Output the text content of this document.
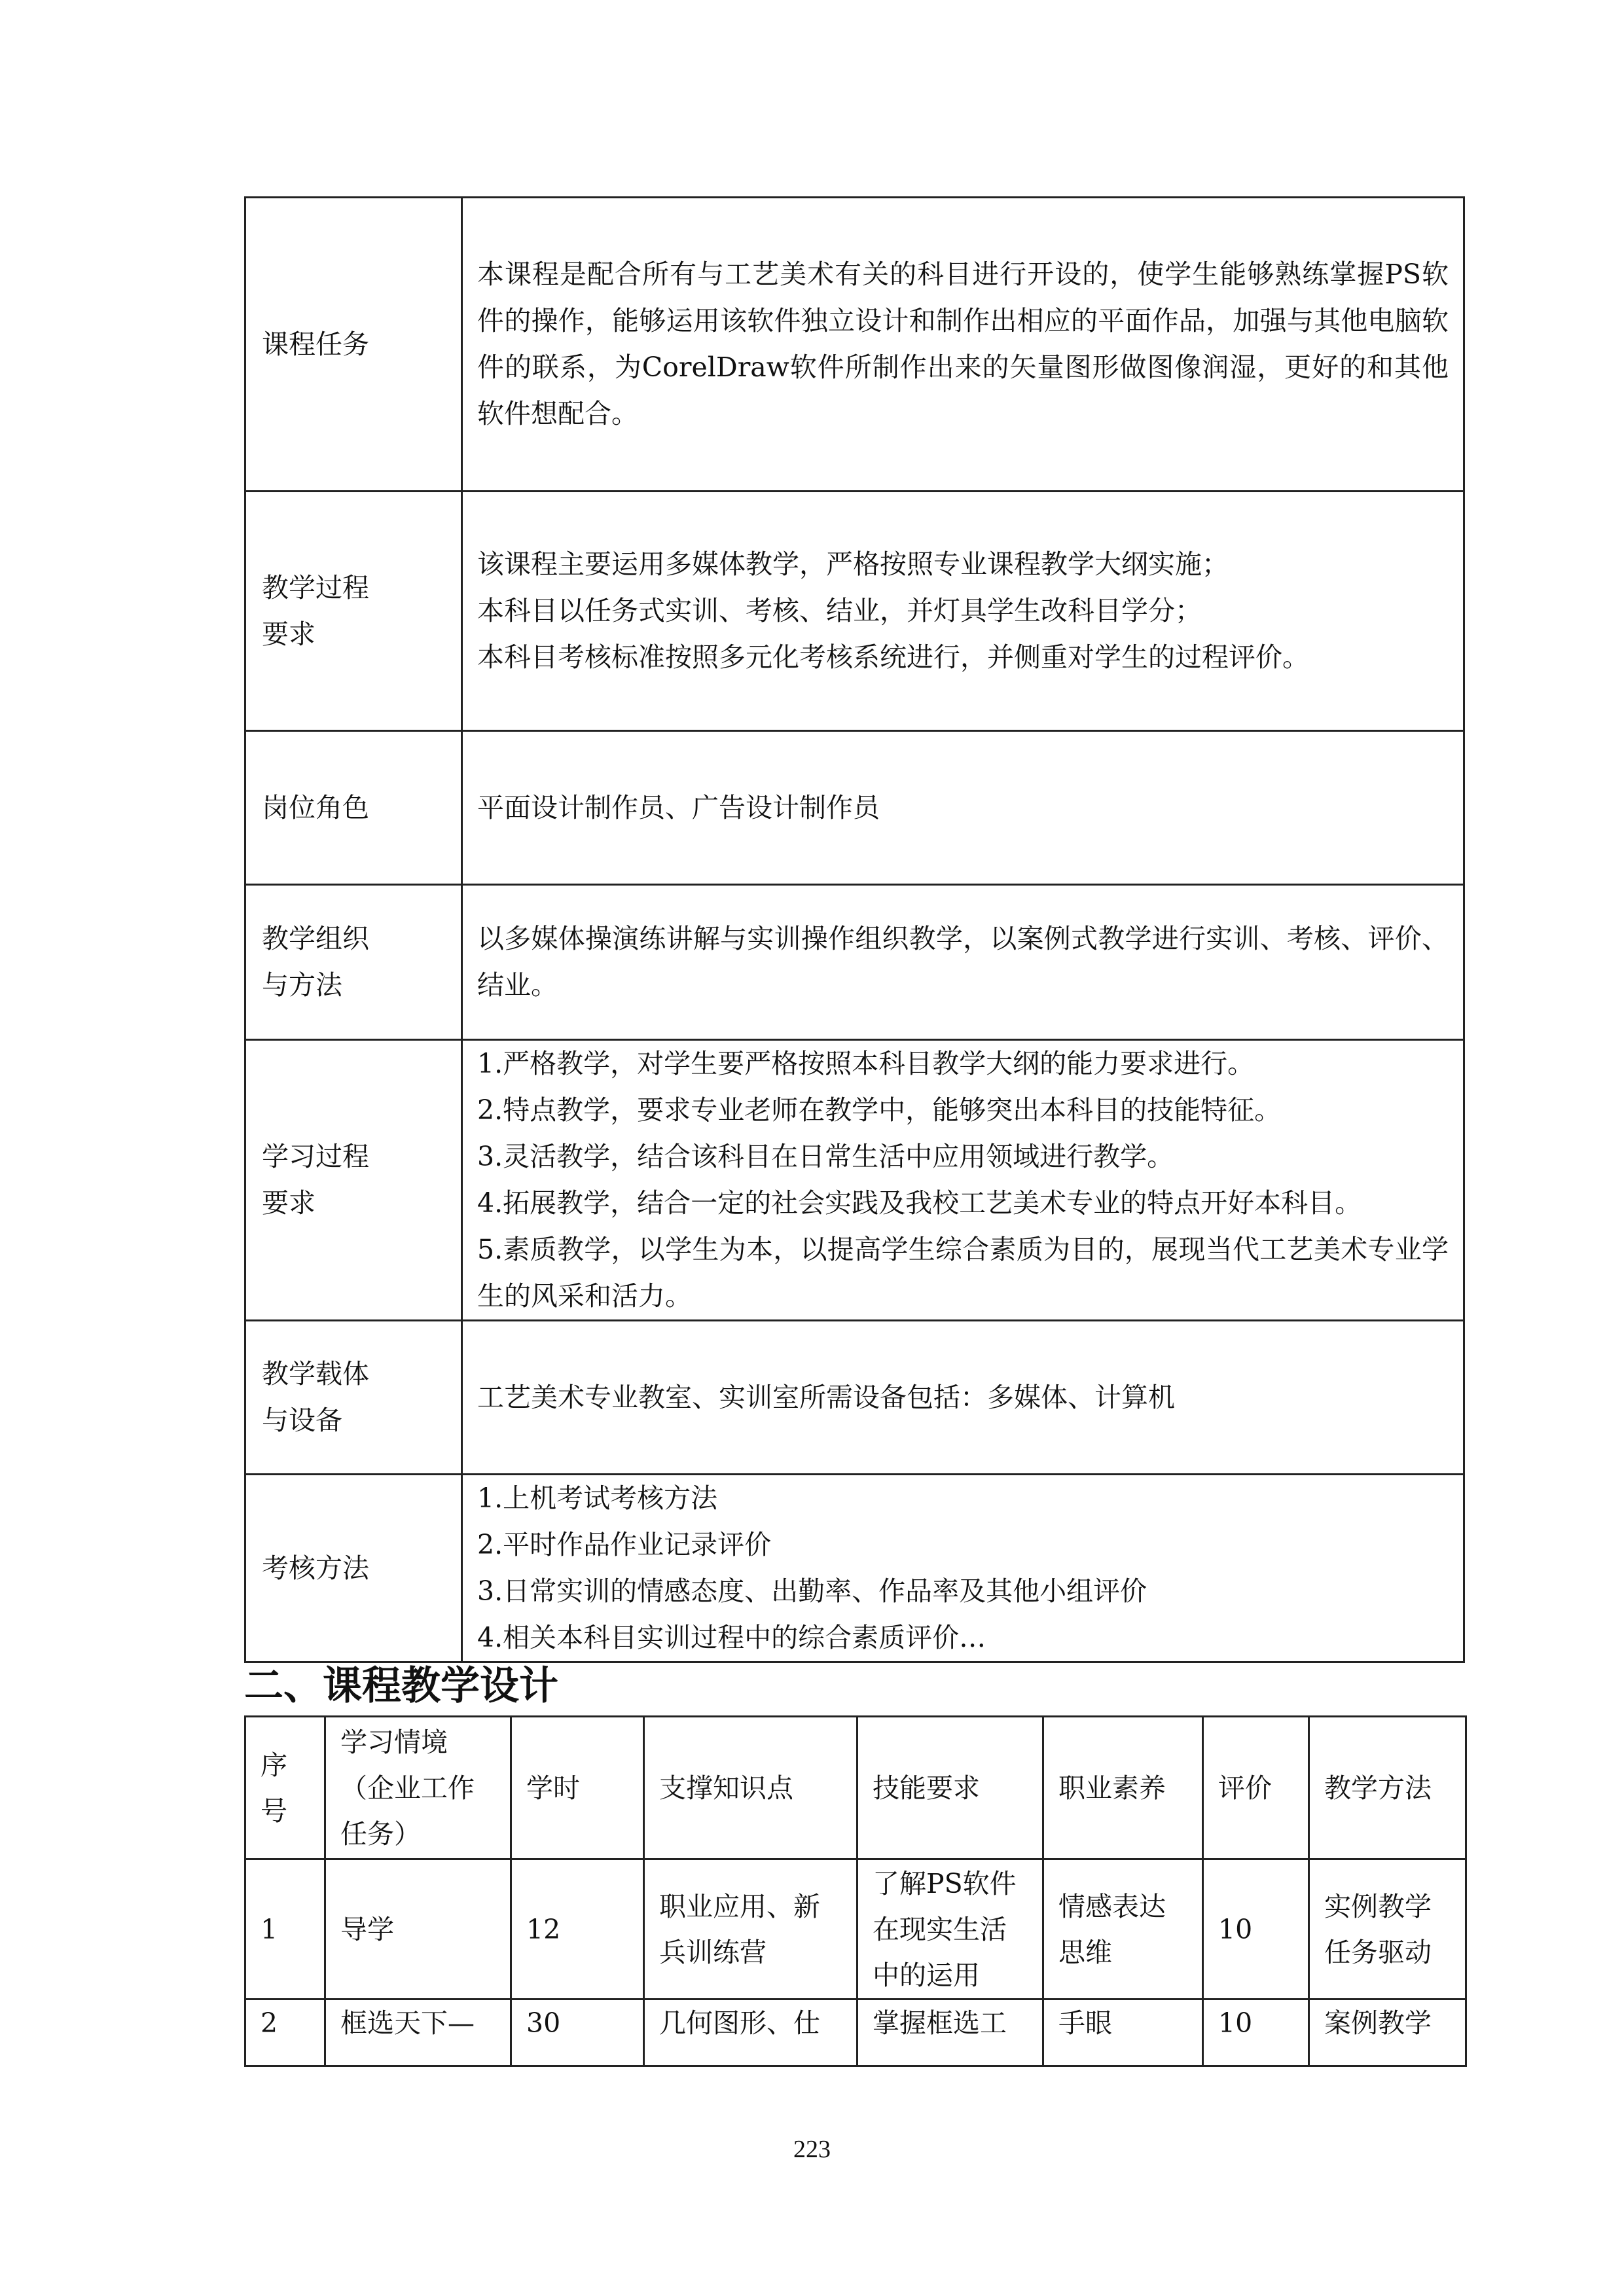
课程任务	本课程是配合所有与工艺美术有关的科目进行开设的，使学生能够熟练掌握PS软件的操作，能够运用该软件独立设计和制作出相应的平面作品，加强与其他电脑软件的联系，为CorelDraw软件所制作出来的矢量图形做图像润湿，更好的和其他软件想配合。

教学过程
要求	该课程主要运用多媒体教学，严格按照专业课程教学大纲实施；
本科目以任务式实训、考核、结业，并灯具学生改科目学分；
本科目考核标准按照多元化考核系统进行，并侧重对学生的过程评价。

岗位角色	平面设计制作员、广告设计制作员

教学组织
与方法	以多媒体操演练讲解与实训操作组织教学，以案例式教学进行实训、考核、评价、结业。

学习过程
要求	1.严格教学，对学生要严格按照本科目教学大纲的能力要求进行。
2.特点教学，要求专业老师在教学中，能够突出本科目的技能特征。
3.灵活教学，结合该科目在日常生活中应用领域进行教学。
4.拓展教学，结合一定的社会实践及我校工艺美术专业的特点开好本科目。
5.素质教学，以学生为本，以提高学生综合素质为目的，展现当代工艺美术专业学生的风采和活力。

教学载体
与设备	工艺美术专业教室、实训室所需设备包括：多媒体、计算机

考核方法	1.上机考试考核方法
2.平时作品作业记录评价
3.日常实训的情感态度、出勤率、作品率及其他小组评价
4.相关本科目实训过程中的综合素质评价…
二、课程教学设计
序号	学习情境（企业工作任务）	学时	支撑知识点	技能要求	职业素养	评价	教学方法
1	导学	12	职业应用、新兵训练营	了解PS软件在现实生活中的运用	情感表达思维	10	实例教学任务驱动
2	框选天下—	30	几何图形、仕	掌握框选工	手眼	10	案例教学
223
